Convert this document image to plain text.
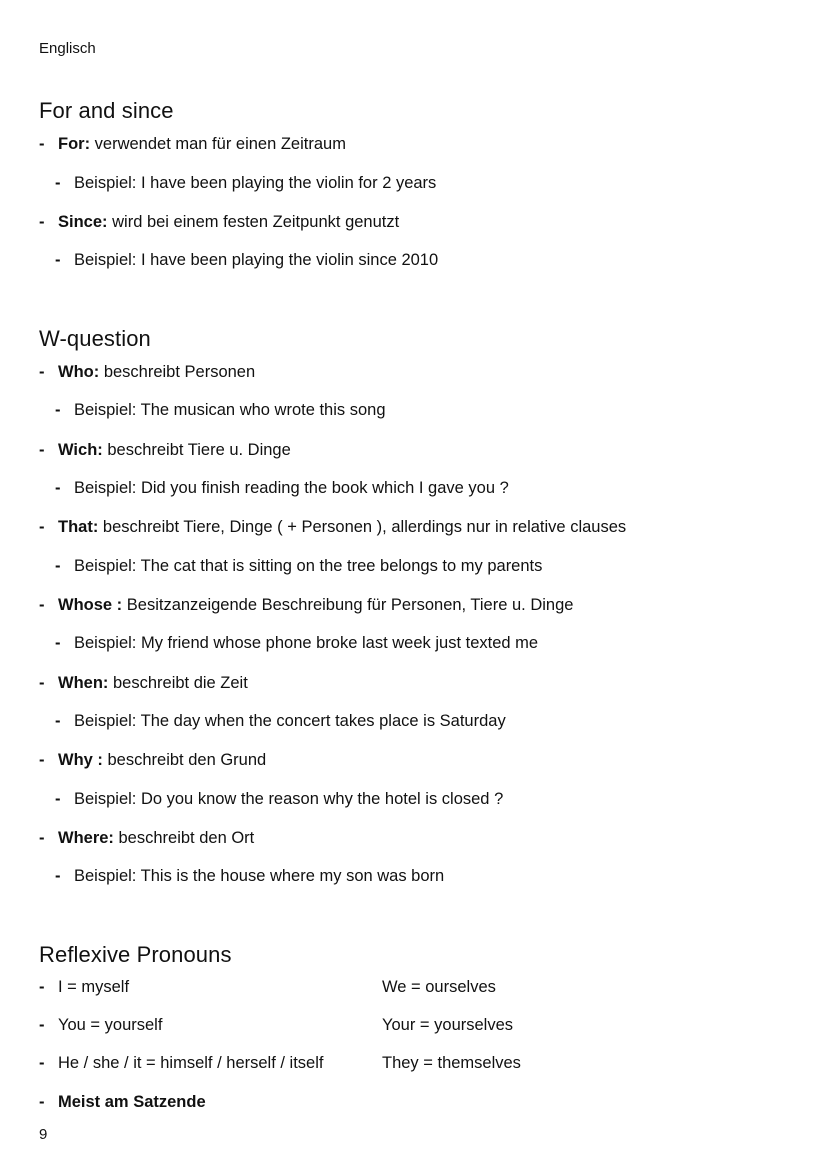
Englisch
For and since
- For: verwendet man für einen Zeitraum
- Beispiel: I have been playing the violin for 2 years
- Since: wird bei einem festen Zeitpunkt genutzt
- Beispiel: I have been playing the violin since 2010
W-question
- Who: beschreibt Personen
- Beispiel: The musican who wrote this song
- Wich: beschreibt Tiere u. Dinge
- Beispiel: Did you finish reading the book which I gave you ?
- That: beschreibt Tiere, Dinge ( + Personen ), allerdings nur in relative clauses
- Beispiel: The cat that is sitting on the tree belongs to my parents
- Whose : Besitzanzeigende Beschreibung für Personen, Tiere u. Dinge
- Beispiel: My friend whose phone broke last week just texted me
- When: beschreibt die Zeit
- Beispiel: The day when the concert takes place is Saturday
- Why : beschreibt den Grund
- Beispiel: Do you know the reason why the hotel is closed ?
- Where: beschreibt den Ort
- Beispiel: This is the house where my son was born
Reflexive Pronouns
- I = myself	We = ourselves
- You = yourself	Your = yourselves
- He / she / it = himself / herself / itself	They = themselves
- Meist am Satzende
9
